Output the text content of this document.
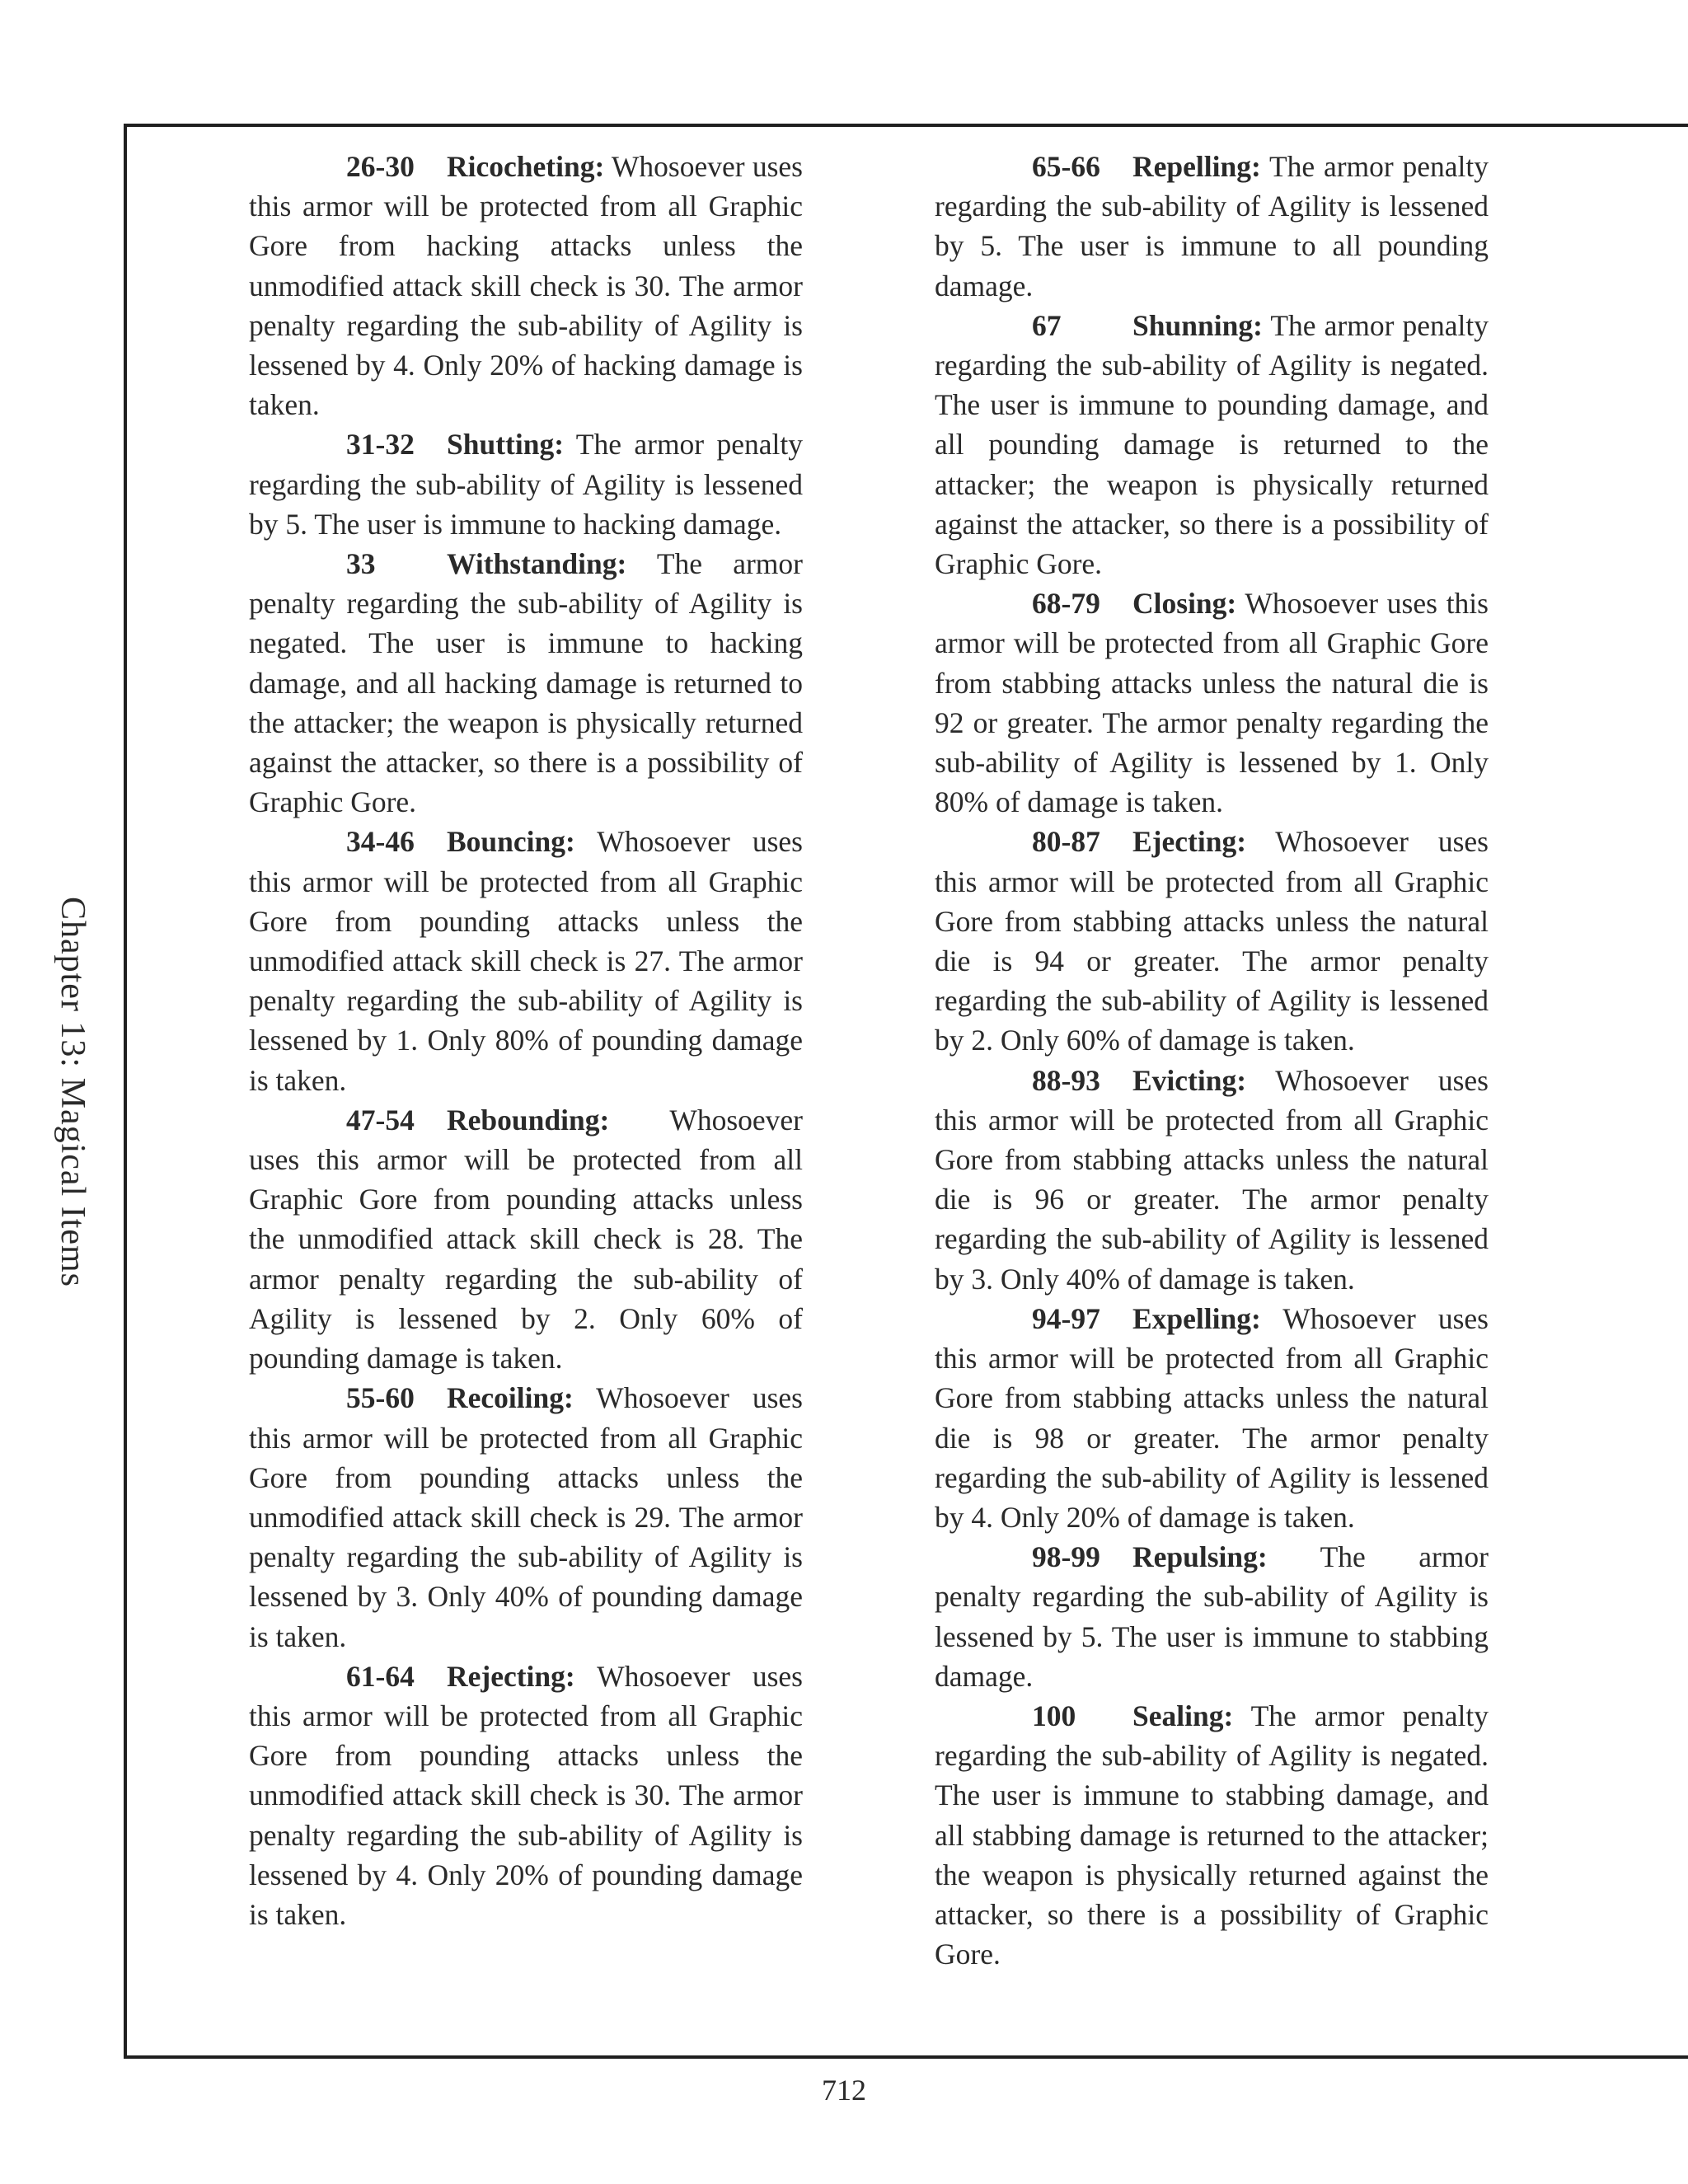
Chapter 13: Magical Items

26-30 Ricocheting: Whosoever uses this armor will be protected from all Graphic Gore from hacking attacks unless the unmodified attack skill check is 30. The armor penalty regarding the sub-ability of Agility is lessened by 4. Only 20% of hacking damage is taken.

31-32 Shutting: The armor penalty regarding the sub-ability of Agility is lessened by 5. The user is immune to hacking damage.

33 Withstanding: The armor penalty regarding the sub-ability of Agility is negated. The user is immune to hacking damage, and all hacking damage is returned to the attacker; the weapon is physically returned against the attacker, so there is a possibility of Graphic Gore.

34-46 Bouncing: Whosoever uses this armor will be protected from all Graphic Gore from pounding attacks unless the unmodified attack skill check is 27. The armor penalty regarding the sub-ability of Agility is lessened by 1. Only 80% of pounding damage is taken.

47-54 Rebounding: Whosoever uses this armor will be protected from all Graphic Gore from pounding attacks unless the unmodified attack skill check is 28. The armor penalty regarding the sub-ability of Agility is lessened by 2. Only 60% of pounding damage is taken.

55-60 Recoiling: Whosoever uses this armor will be protected from all Graphic Gore from pounding attacks unless the unmodified attack skill check is 29. The armor penalty regarding the sub-ability of Agility is lessened by 3. Only 40% of pounding damage is taken.

61-64 Rejecting: Whosoever uses this armor will be protected from all Graphic Gore from pounding attacks unless the unmodified attack skill check is 30. The armor penalty regarding the sub-ability of Agility is lessened by 4. Only 20% of pounding damage is taken.

65-66 Repelling: The armor penalty regarding the sub-ability of Agility is lessened by 5. The user is immune to all pounding damage.

67 Shunning: The armor penalty regarding the sub-ability of Agility is negated. The user is immune to pounding damage, and all pounding damage is returned to the attacker; the weapon is physically returned against the attacker, so there is a possibility of Graphic Gore.

68-79 Closing: Whosoever uses this armor will be protected from all Graphic Gore from stabbing attacks unless the natural die is 92 or greater. The armor penalty regarding the sub-ability of Agility is lessened by 1. Only 80% of damage is taken.

80-87 Ejecting: Whosoever uses this armor will be protected from all Graphic Gore from stabbing attacks unless the natural die is 94 or greater. The armor penalty regarding the sub-ability of Agility is lessened by 2. Only 60% of damage is taken.

88-93 Evicting: Whosoever uses this armor will be protected from all Graphic Gore from stabbing attacks unless the natural die is 96 or greater. The armor penalty regarding the sub-ability of Agility is lessened by 3. Only 40% of damage is taken.

94-97 Expelling: Whosoever uses this armor will be protected from all Graphic Gore from stabbing attacks unless the natural die is 98 or greater. The armor penalty regarding the sub-ability of Agility is lessened by 4. Only 20% of damage is taken.

98-99 Repulsing: The armor penalty regarding the sub-ability of Agility is lessened by 5. The user is immune to stabbing damage.

100 Sealing: The armor penalty regarding the sub-ability of Agility is negated. The user is immune to stabbing damage, and all stabbing damage is returned to the attacker; the weapon is physically returned against the attacker, so there is a possibility of Graphic Gore.

712
